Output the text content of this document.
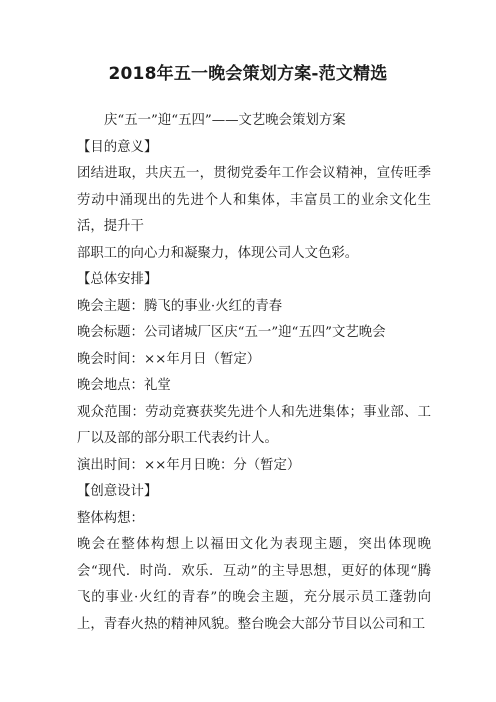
2018年五一晚会策划方案-范文精选
庆“五一”迎“五四”——文艺晚会策划方案
【目的意义】
团结进取，共庆五一，贯彻党委年工作会议精神，宣传旺季劳动中涌现出的先进个人和集体，丰富员工的业余文化生活，提升干
部职工的向心力和凝聚力，体现公司人文色彩。
【总体安排】
晚会主题：腾飞的事业·火红的青春
晚会标题：公司诸城厂区庆“五一”迎“五四”文艺晚会
晚会时间：××年月日（暂定）
晚会地点：礼堂
观众范围：劳动竞赛获奖先进个人和先进集体；事业部、工厂以及部的部分职工代表约计人。
演出时间：××年月日晚：分（暂定）
【创意设计】
整体构想：
晚会在整体构想上以福田文化为表现主题，突出体现晚会“现代．时尚．欢乐．互动”的主导思想，更好的体现“腾飞的事业·火红的青春”的晚会主题，充分展示员工蓬勃向上，青春火热的精神风貌。整台晚会大部分节目以公司和工
